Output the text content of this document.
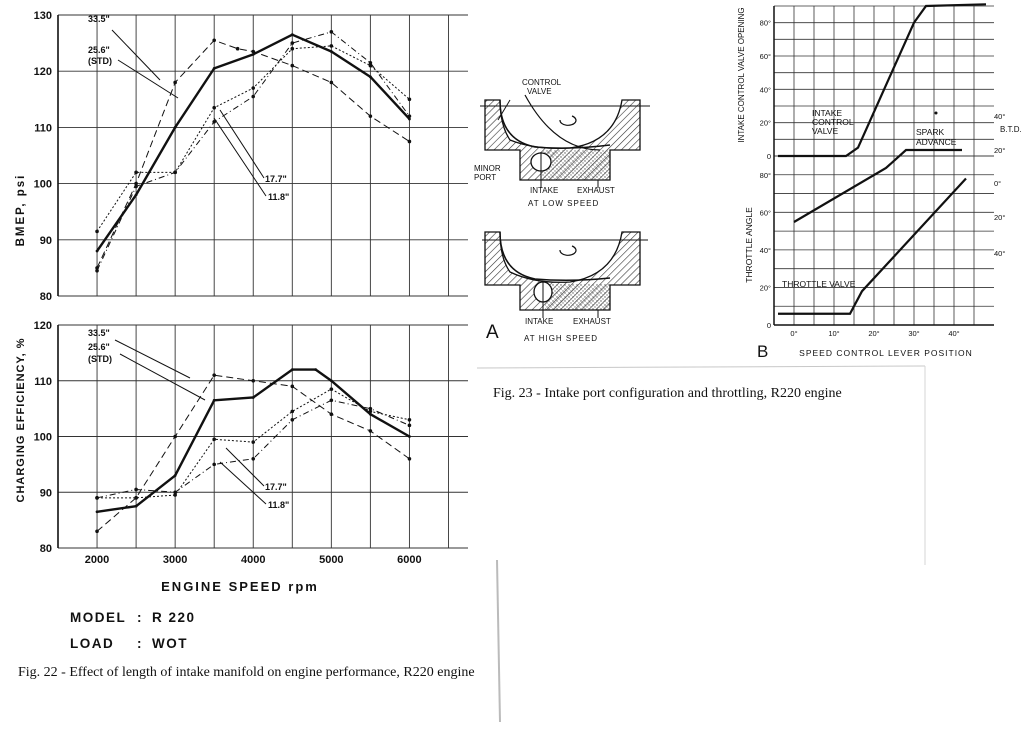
80
90
100
110
120
130
BMEP, psi
33.5"
25.6"
(STD)
17.7"
11.8"
80
90
100
110
120
2000	3000	4000	5000	6000
CHARGING EFFICIENCY, %
33.5"
25.6"
(STD)
17.7"
11.8"
ENGINE SPEED rpm
MODEL : R 220
LOAD : WOT
CONTROL
VALVE
MINOR
PORT
INTAKE EXHAUST
AT LOW SPEED
INTAKE EXHAUST
AT HIGH SPEED
A
0
20°
40°
60°
80°
0
20°
40°
60°
80°
40°
20°
0°
20°
40°
0°	10°	20°	30°	40°
INTAKE CONTROL VALVE OPENING
THROTTLE ANGLE
B.T.D.
INTAKE
CONTROL
VALVE	SPARK
ADVANCE
THROTTLE VALVE
SPEED CONTROL LEVER POSITION
B
Fig. 22 - Effect of length of intake manifold on engine performance, R220 engine
Fig. 23 - Intake port configuration and throttling, R220 engine
